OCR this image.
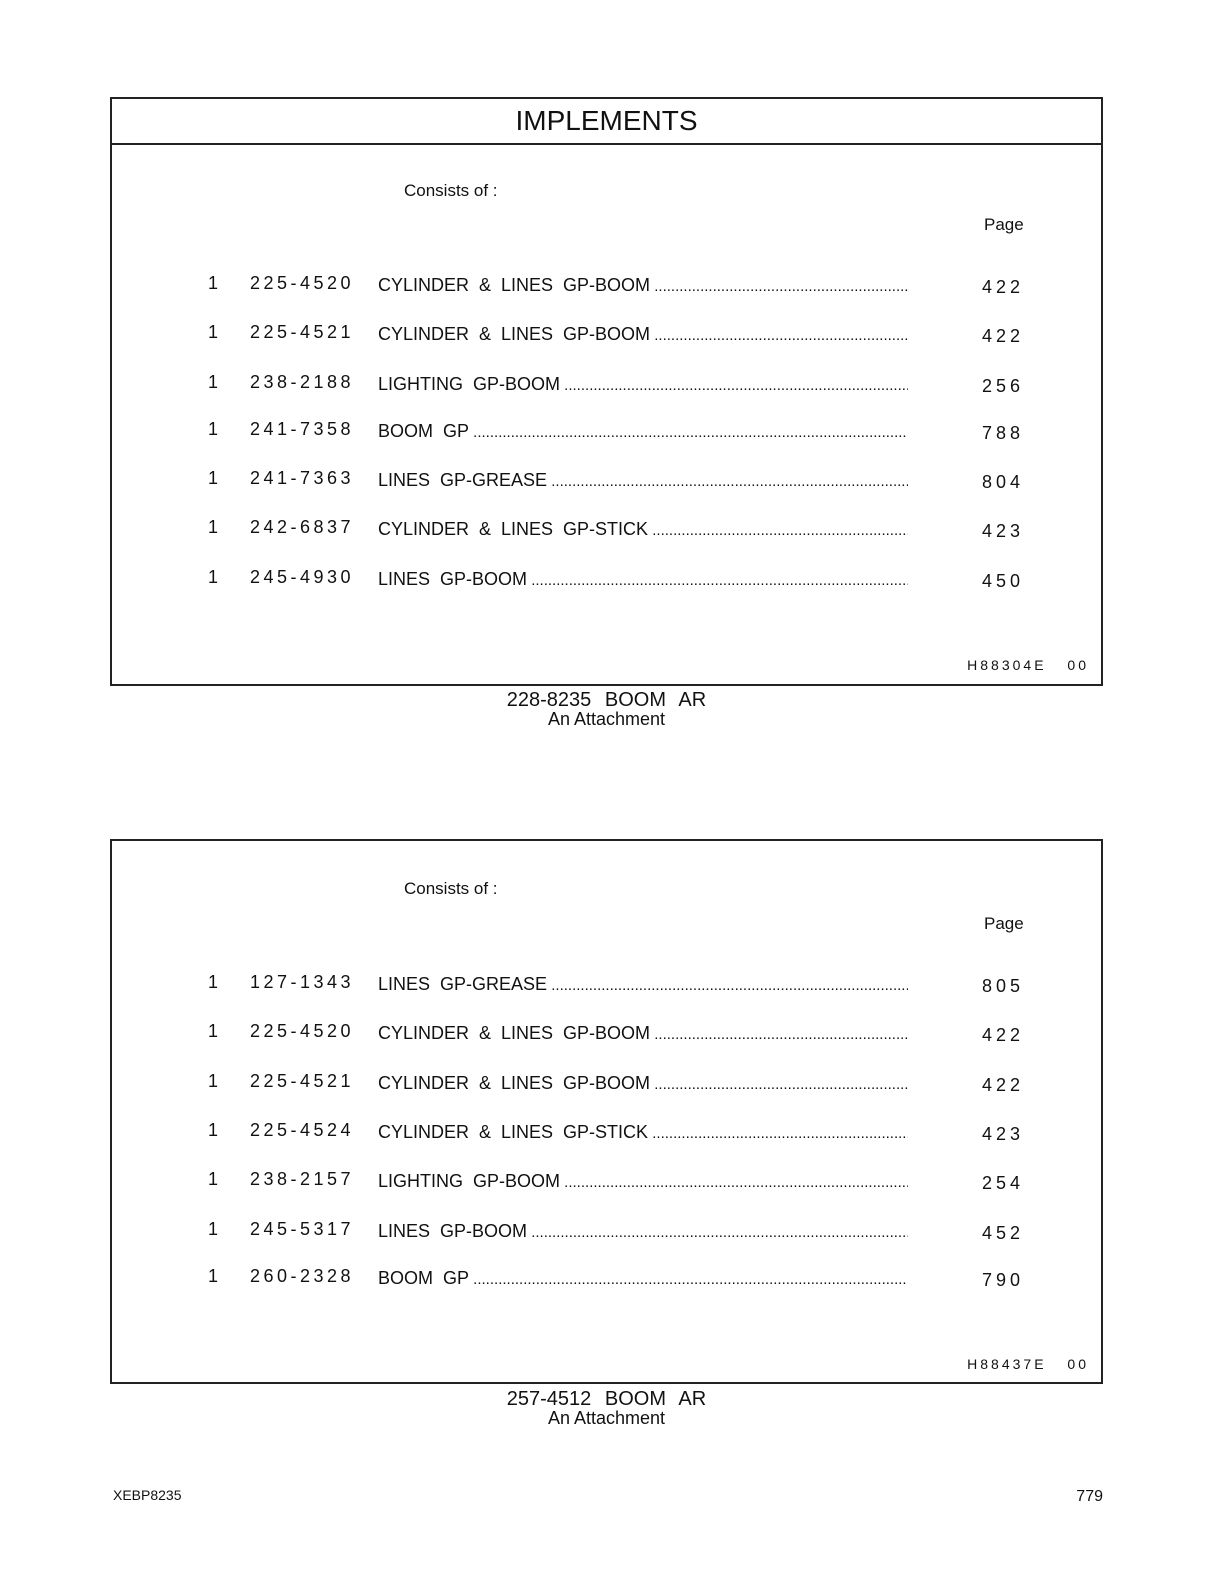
IMPLEMENTS
Consists of :
Page
1 225-4520 CYLINDER & LINES GP-BOOM .....	422
1 225-4521 CYLINDER & LINES GP-BOOM .....	422
1 238-2188 LIGHTING GP-BOOM .....	256
1 241-7358 BOOM GP .....	788
1 241-7363 LINES GP-GREASE .....	804
1 242-6837 CYLINDER & LINES GP-STICK .....	423
1 245-4930 LINES GP-BOOM .....	450
H88304E 00
228-8235 BOOM AR
An Attachment
Consists of :
Page
1 127-1343 LINES GP-GREASE .....	805
1 225-4520 CYLINDER & LINES GP-BOOM .....	422
1 225-4521 CYLINDER & LINES GP-BOOM .....	422
1 225-4524 CYLINDER & LINES GP-STICK .....	423
1 238-2157 LIGHTING GP-BOOM .....	254
1 245-5317 LINES GP-BOOM .....	452
1 260-2328 BOOM GP .....	790
H88437E 00
257-4512 BOOM AR
An Attachment
XEBP8235	779
